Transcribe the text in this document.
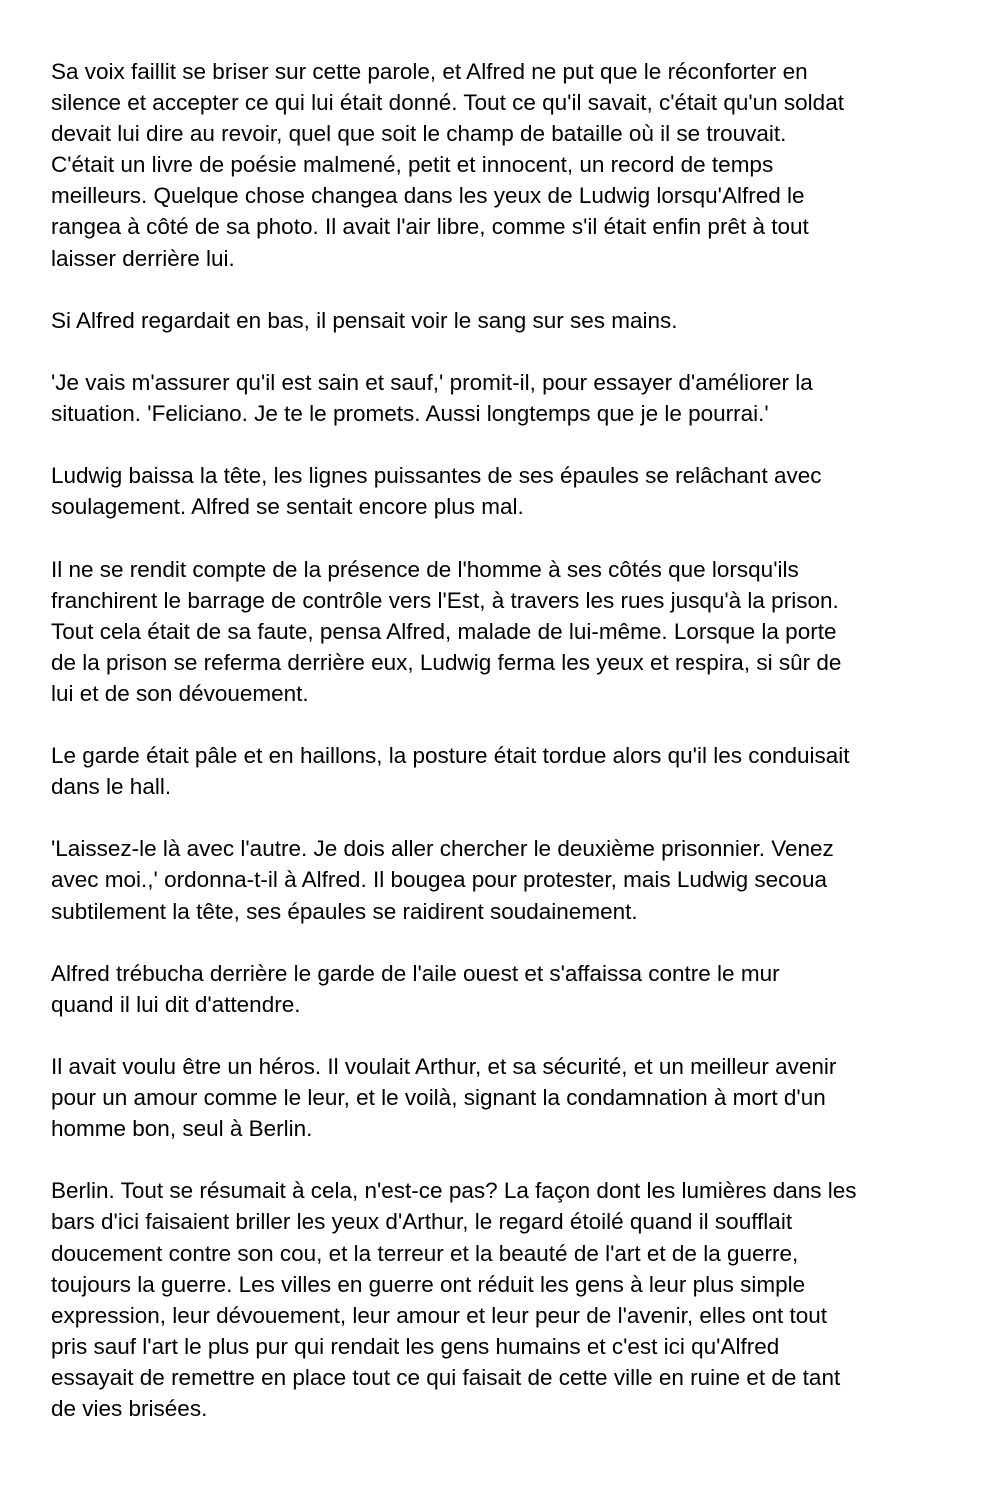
Sa voix faillit se briser sur cette parole, et Alfred ne put que le réconforter en
silence et accepter ce qui lui était donné. Tout ce qu'il savait, c'était qu'un soldat
devait lui dire au revoir, quel que soit le champ de bataille où il se trouvait.
C'était un livre de poésie malmené, petit et innocent, un record de temps
meilleurs. Quelque chose changea dans les yeux de Ludwig lorsqu'Alfred le
rangea à côté de sa photo. Il avait l'air libre, comme s'il était enfin prêt à tout
laisser derrière lui.
Si Alfred regardait en bas, il pensait voir le sang sur ses mains.
'Je vais m'assurer qu'il est sain et sauf,' promit-il, pour essayer d'améliorer la
situation. 'Feliciano. Je te le promets. Aussi longtemps que je le pourrai.'
Ludwig baissa la tête, les lignes puissantes de ses épaules se relâchant avec
soulagement. Alfred se sentait encore plus mal.
Il ne se rendit compte de la présence de l'homme à ses côtés que lorsqu'ils
franchirent le barrage de contrôle vers l'Est, à travers les rues jusqu'à la prison.
Tout cela était de sa faute, pensa Alfred, malade de lui-même. Lorsque la porte
de la prison se referma derrière eux, Ludwig ferma les yeux et respira, si sûr de
lui et de son dévouement.
Le garde était pâle et en haillons, la posture était tordue alors qu'il les conduisait
dans le hall.
'Laissez-le là avec l'autre. Je dois aller chercher le deuxième prisonnier. Venez
avec moi.,' ordonna-t-il à Alfred. Il bougea pour protester, mais Ludwig secoua
subtilement la tête, ses épaules se raidirent soudainement.
Alfred trébucha derrière le garde de l'aile ouest et s'affaissa contre le mur
quand il lui dit d'attendre.
Il avait voulu être un héros. Il voulait Arthur, et sa sécurité, et un meilleur avenir
pour un amour comme le leur, et le voilà, signant la condamnation à mort d'un
homme bon, seul à Berlin.
Berlin. Tout se résumait à cela, n'est-ce pas? La façon dont les lumières dans les
bars d'ici faisaient briller les yeux d'Arthur, le regard étoilé quand il soufflait
doucement contre son cou, et la terreur et la beauté de l'art et de la guerre,
toujours la guerre. Les villes en guerre ont réduit les gens à leur plus simple
expression, leur dévouement, leur amour et leur peur de l'avenir, elles ont tout
pris sauf l'art le plus pur qui rendait les gens humains et c'est ici qu'Alfred
essayait de remettre en place tout ce qui faisait de cette ville en ruine et de tant
de vies brisées.
